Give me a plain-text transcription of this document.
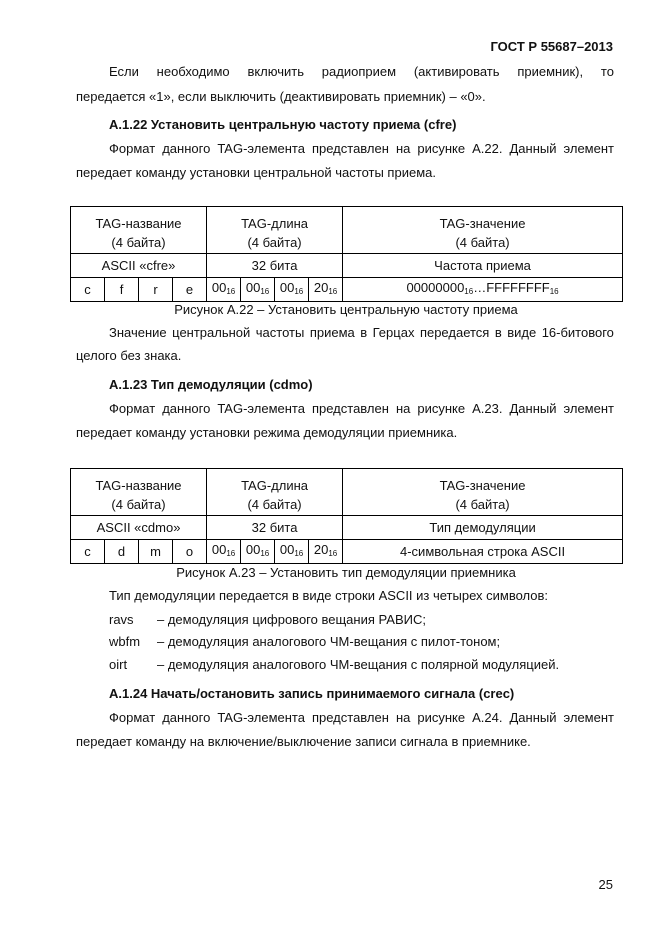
ГОСТ Р 55687–2013
Если необходимо включить радиоприем (активировать приемник), то
передается «1», если выключить (деактивировать приемник) – «0».
А.1.22 Установить центральную частоту приема (cfre)
Формат данного TAG-элемента представлен на рисунке А.22. Данный элемент
передает команду установки центральной частоты приема.
TAG-название				TAG-длина				TAG-значение
(4 байта)				(4 байта)				(4 байта)
ASCII «cfre»				32 бита				Частота приема
c	f	r	e	$00_{16}$	$00_{16}$	$00_{16}$	$20_{16}$	$00000000_{16}\dots FFFFFFFF_{16}$
Рисунок А.22 – Установить центральную частоту приема
Значение центральной частоты приема в Герцах передается в виде 16-битового
целого без знака.
А.1.23 Тип демодуляции (cdmo)
Формат данного TAG-элемента представлен на рисунке А.23. Данный элемент
передает команду установки режима демодуляции приемника.
TAG-название				TAG-длина				TAG-значение
(4 байта)				(4 байта)				(4 байта)
ASCII «cdmo»				32 бита				Тип демодуляции
c	d	m	o	$00_{16}$	$00_{16}$	$00_{16}$	$20_{16}$	4-символьная строка ASCII
Рисунок А.23 – Установить тип демодуляции приемника
Тип демодуляции передается в виде строки ASCII из четырех символов:
ravs – демодуляция цифрового вещания РАВИС;
wbfm – демодуляция аналогового ЧМ-вещания с пилот-тоном;
oirt – демодуляция аналогового ЧМ-вещания с полярной модуляцией.
А.1.24 Начать/остановить запись принимаемого сигнала (crec)
Формат данного TAG-элемента представлен на рисунке А.24. Данный элемент
передает команду на включение/выключение записи сигнала в приемнике.
25
